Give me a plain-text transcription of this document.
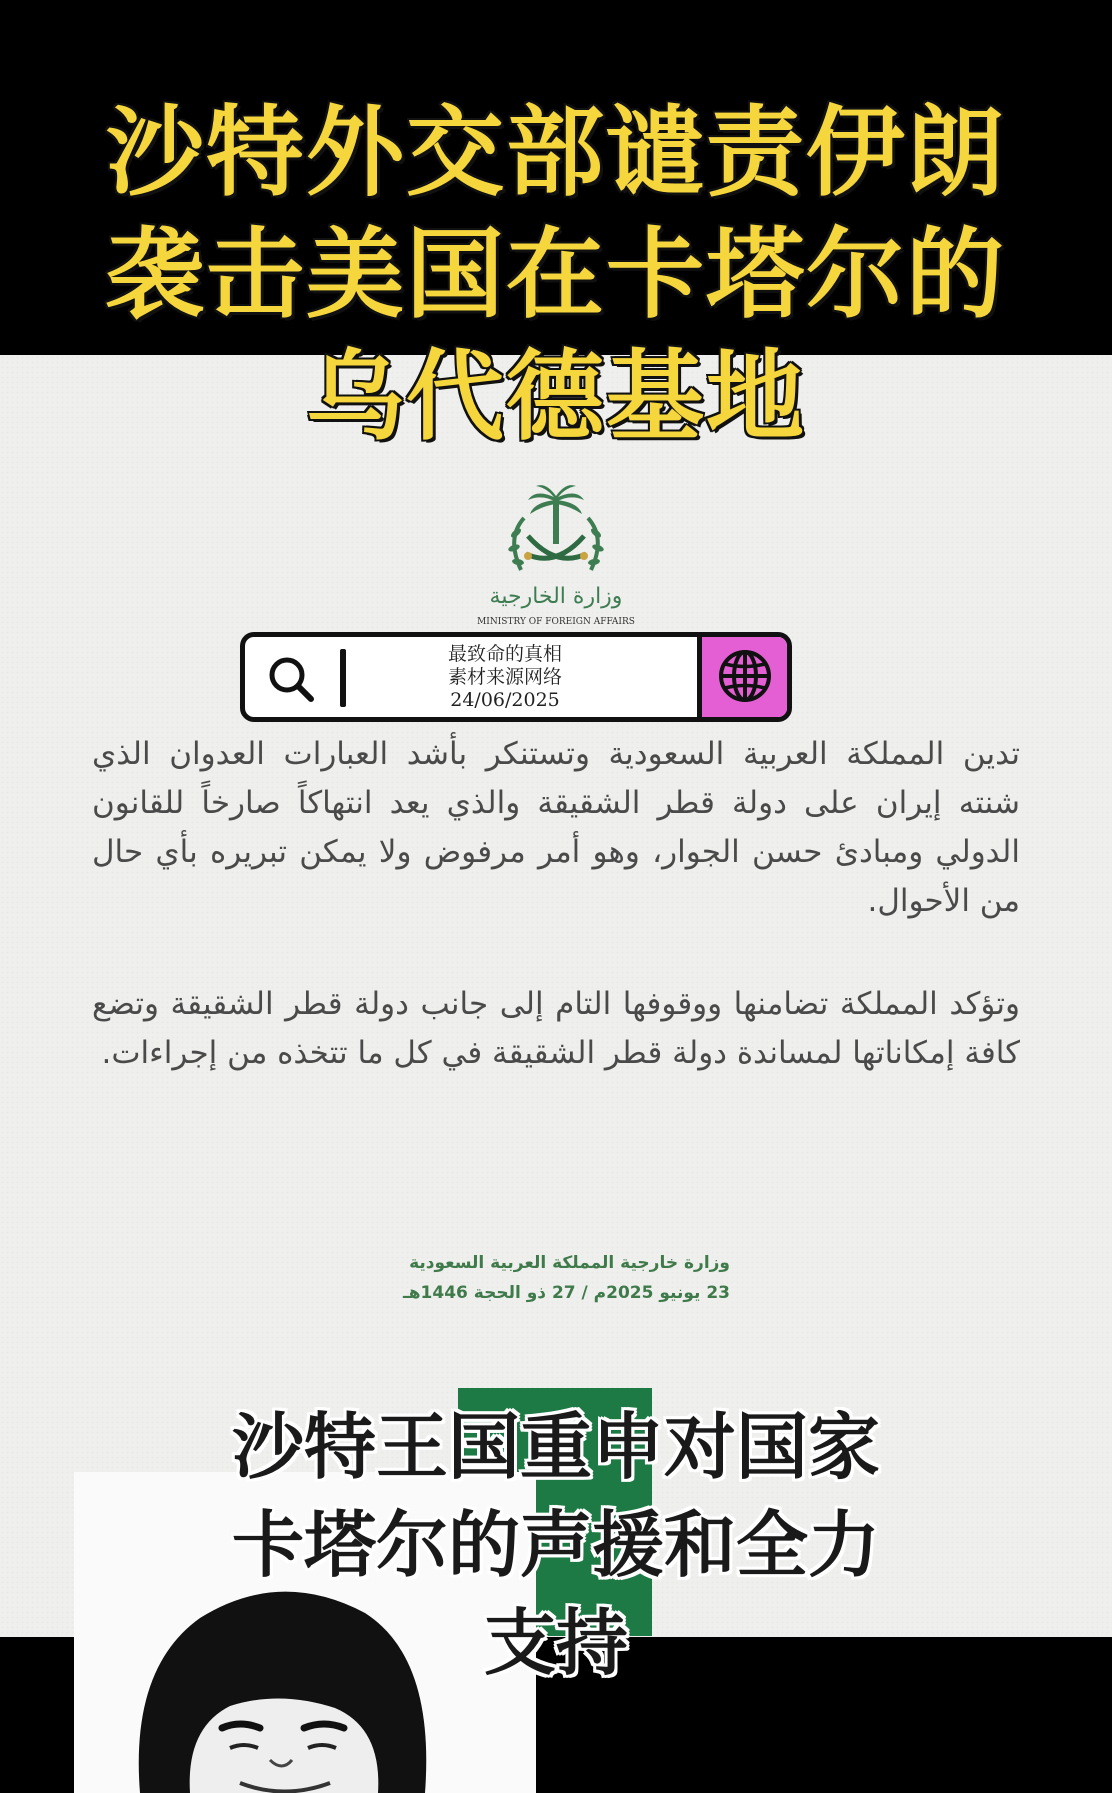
沙特外交部谴责伊朗
袭击美国在卡塔尔的
乌代德基地
وزارة الخارجية
MINISTRY OF FOREIGN AFFAIRS
最致命的真相
素材来源网络
24/06/2025
تدين المملكة العربية السعودية وتستنكر بأشد العبارات العدوان الذي شنته إيران على دولة قطر الشقيقة والذي يعد انتهاكاً صارخاً للقانون الدولي ومبادئ حسن الجوار، وهو أمر مرفوض ولا يمكن تبريره بأي حال من الأحوال.
وتؤكد المملكة تضامنها ووقوفها التام إلى جانب دولة قطر الشقيقة وتضع كافة إمكاناتها لمساندة دولة قطر الشقيقة في كل ما تتخذه من إجراءات.
وزارة خارجية المملكة العربية السعودية
23 يونيو 2025م / 27 ذو الحجة 1446هـ
沙特王国重申对国家
卡塔尔的声援和全力
支持
